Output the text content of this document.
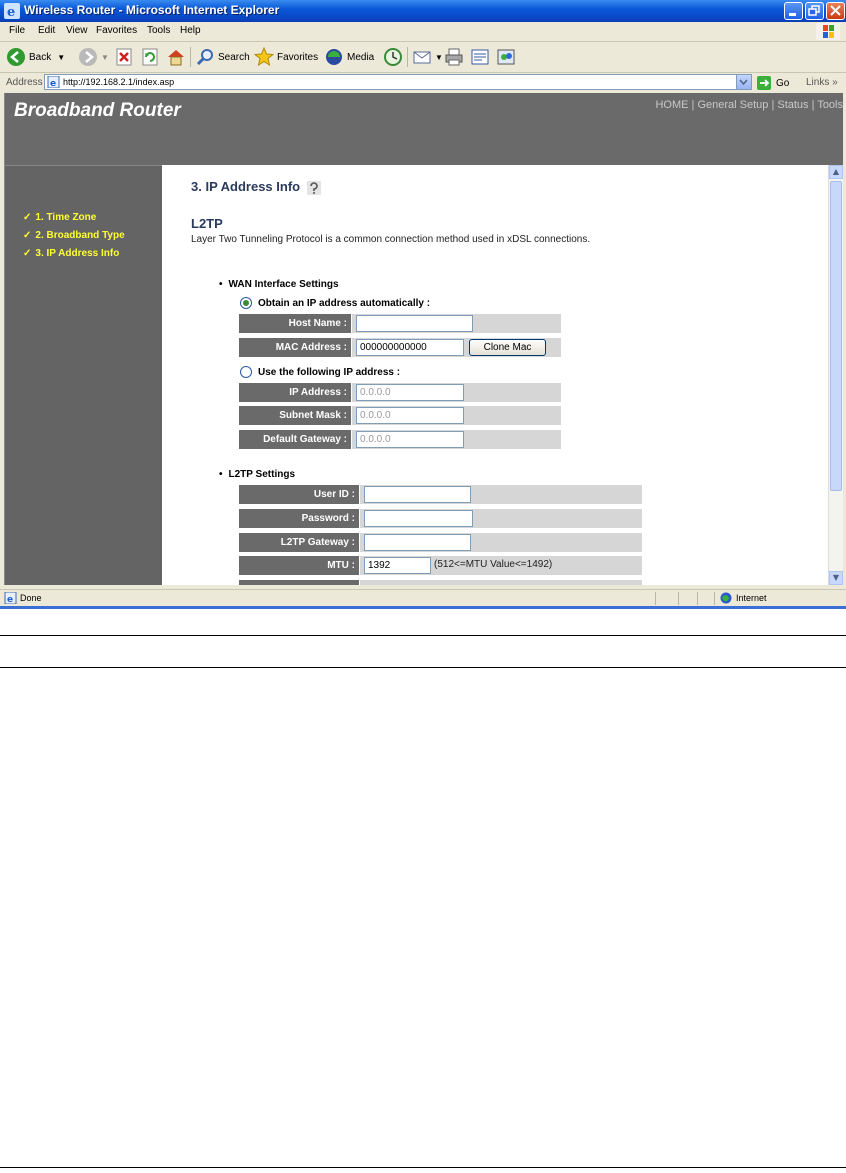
e Wireless Router - Microsoft Internet Explorer
File Edit View Favorites Tools Help
Back ▼	▼	Search	Favorites	Media	▼
Address e http://192.168.2.1/index.asp	Go Links »
Broadband Router	HOME | General Setup | Status | Tools
✓ 1. Time Zone
✓ 2. Broadband Type
✓ 3. IP Address Info
3. IP Address Info
L2TP
Layer Two Tunneling Protocol is a common connection method used in xDSL connections.
• WAN Interface Settings
Obtain an IP address automatically :
Host Name :
MAC Address :	000000000000	Clone Mac
Use the following IP address :
IP Address :	0.0.0.0
Subnet Mask :	0.0.0.0
Default Gateway :	0.0.0.0
• L2TP Settings
User ID :
Password :
L2TP Gateway :
MTU :	1392	(512<=MTU Value<=1492)
▲
▼
e Done	Internet
